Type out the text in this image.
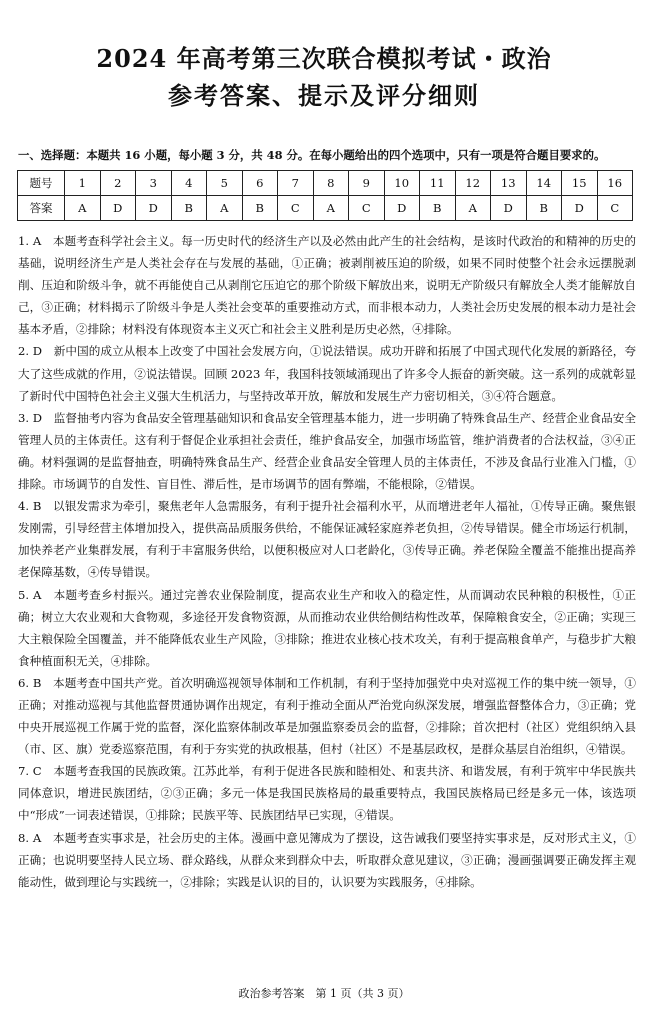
2024 年高考第三次联合模拟考试・政治
参考答案、提示及评分细则
一、选择题：本题共 16 小题，每小题 3 分，共 48 分。在每小题给出的四个选项中，只有一项是符合题目要求的。
题号	1	2	3	4	5	6	7	8	9	10	11	12	13	14	15	16
答案	A	D	D	B	A	B	C	A	C	D	B	A	D	B	D	C

1. A　本题考查科学社会主义。每一历史时代的经济生产以及必然由此产生的社会结构，是该时代政治的和精神的历史的基础，说明经济生产是人类社会存在与发展的基础，①正确；被剥削被压迫的阶级，如果不同时使整个社会永远摆脱剥削、压迫和阶级斗争，就不再能使自己从剥削它压迫它的那个阶级下解放出来，说明无产阶级只有解放全人类才能解放自己，③正确；材料揭示了阶级斗争是人类社会变革的重要推动方式，而非根本动力，人类社会历史发展的根本动力是社会基本矛盾，②排除；材料没有体现资本主义灭亡和社会主义胜利是历史必然，④排除。

2. D　新中国的成立从根本上改变了中国社会发展方向，①说法错误。成功开辟和拓展了中国式现代化发展的新路径，夸大了这些成就的作用，②说法错误。回顾 2023 年，我国科技领域涌现出了许多令人振奋的新突破。这一系列的成就彰显了新时代中国特色社会主义强大生机活力，与坚持改革开放，解放和发展生产力密切相关，③④符合题意。

3. D　监督抽考内容为食品安全管理基础知识和食品安全管理基本能力，进一步明确了特殊食品生产、经营企业食品安全管理人员的主体责任。这有利于督促企业承担社会责任，维护食品安全，加强市场监管，维护消费者的合法权益，③④正确。材料强调的是监督抽查，明确特殊食品生产、经营企业食品安全管理人员的主体责任，不涉及食品行业准入门槛，①排除。市场调节的自发性、盲目性、滞后性，是市场调节的固有弊端，不能根除，②错误。

4. B　以银发需求为牵引，聚焦老年人急需服务，有利于提升社会福利水平，从而增进老年人福祉，①传导正确。聚焦银发刚需，引导经营主体增加投入，提供高品质服务供给，不能保证减轻家庭养老负担，②传导错误。健全市场运行机制，加快养老产业集群发展，有利于丰富服务供给，以便积极应对人口老龄化，③传导正确。养老保险全覆盖不能推出提高养老保障基数，④传导错误。

5. A　本题考查乡村振兴。通过完善农业保险制度，提高农业生产和收入的稳定性，从而调动农民种粮的积极性，①正确；树立大农业观和大食物观，多途径开发食物资源，从而推动农业供给侧结构性改革，保障粮食安全，②正确；实现三大主粮保险全国覆盖，并不能降低农业生产风险，③排除；推进农业核心技术攻关，有利于提高粮食单产，与稳步扩大粮食种植面积无关，④排除。

6. B　本题考查中国共产党。首次明确巡视领导体制和工作机制，有利于坚持加强党中央对巡视工作的集中统一领导，①正确；对推动巡视与其他监督贯通协调作出规定，有利于推动全面从严治党向纵深发展，增强监督整体合力，③正确；党中央开展巡视工作属于党的监督，深化监察体制改革是加强监察委员会的监督，②排除；首次把村（社区）党组织纳入县（市、区、旗）党委巡察范围，有利于夯实党的执政根基，但村（社区）不是基层政权，是群众基层自治组织，④错误。

7. C　本题考查我国的民族政策。江苏此举，有利于促进各民族和睦相处、和衷共济、和谐发展，有利于筑牢中华民族共同体意识，增进民族团结，②③正确；多元一体是我国民族格局的最重要特点，我国民族格局已经是多元一体，该选项中“形成”一词表述错误，①排除；民族平等、民族团结早已实现，④错误。

8. A　本题考查实事求是，社会历史的主体。漫画中意见簿成为了摆设，这告诫我们要坚持实事求是，反对形式主义，①正确；也说明要坚持人民立场、群众路线，从群众来到群众中去，听取群众意见建议，③正确；漫画强调要正确发挥主观能动性，做到理论与实践统一，②排除；实践是认识的目的，认识要为实践服务，④排除。

政治参考答案　第 1 页（共 3 页）
